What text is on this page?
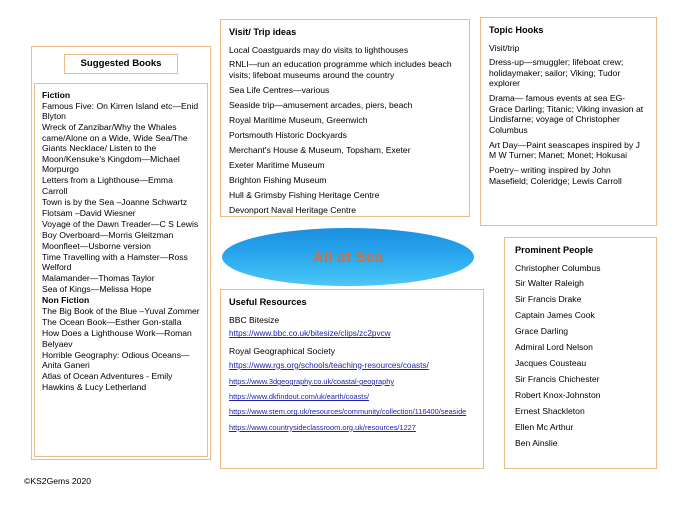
Suggested Books
Fiction
Famous Five: On Kirren Island etc—Enid Blyton
Wreck of Zanzibar/Why the Whales came/Alone on a Wide, Wide Sea/The Giants Necklace/ Listen to the Moon/Kensuke's Kingdom—Michael Morpurgo
Letters from a Lighthouse—Emma Carroll
Town is by the Sea –Joanne Schwartz
Flotsam –David Wiesner
Voyage of the Dawn Treader—C S Lewis
Boy Overboard—Morris Gleitzman
Moonfleet—Usborne version
Time Travelling with a Hamster—Ross Welford
Malamander—Thomas Taylor
Sea of Kings—Melissa Hope
Non Fiction
The Big Book of the Blue –Yuval Zommer
The Ocean Book—Esther Gon-stalla
How Does a Lighthouse Work—Roman Belyaev
Horrible Geography: Odious Oceans—Anita Ganeri
Atlas of Ocean Adventures - Emily Hawkins & Lucy Letherland
Visit/ Trip ideas
Local Coastguards may do visits to lighthouses
RNLI—run an education programme which includes beach visits; lifeboat museums around the country
Sea Life Centres—various
Seaside trip—amusement arcades, piers, beach
Royal Maritime Museum, Greenwich
Portsmouth Historic Dockyards
Merchant's House & Museum, Topsham, Exeter
Exeter Maritime Museum
Brighton Fishing Museum
Hull & Grimsby Fishing Heritage Centre
Devonport Naval Heritage Centre
Topic Hooks
Visit/trip
Dress-up—smuggler; lifeboat crew; holidaymaker; sailor; Viking; Tudor explorer
Drama— famous events at sea EG- Grace Darling; Titanic; Viking invasion at Lindisfarne; voyage of Christopher Columbus
Art Day—Paint seascapes inspired by J M W Turner; Manet; Monet; Hokusai
Poetry– writing inspired by John Masefield; Coleridge; Lewis Carroll
Prominent People
Christopher Columbus
Sir Walter Raleigh
Sir Francis Drake
Captain James Cook
Grace Darling
Admiral Lord Nelson
Jacques Cousteau
Sir Francis Chichester
Robert Knox-Johnston
Ernest Shackleton
Ellen Mc Arthur
Ben Ainslie
Useful Resources
BBC Bitesize
https://www.bbc.co.uk/bitesize/clips/zc2pvcw
Royal Geographical Society
https://www.rgs.org/schools/teaching-resources/coasts/
https://www.3dgeography.co.uk/coastal-geography
https://www.dkfindout.com/uk/earth/coasts/
https://www.stem.org.uk/resources/community/collection/116400/seaside
https://www.countrysideclassroom.org.uk/resources/1227
All at Sea
©KS2Gems 2020
